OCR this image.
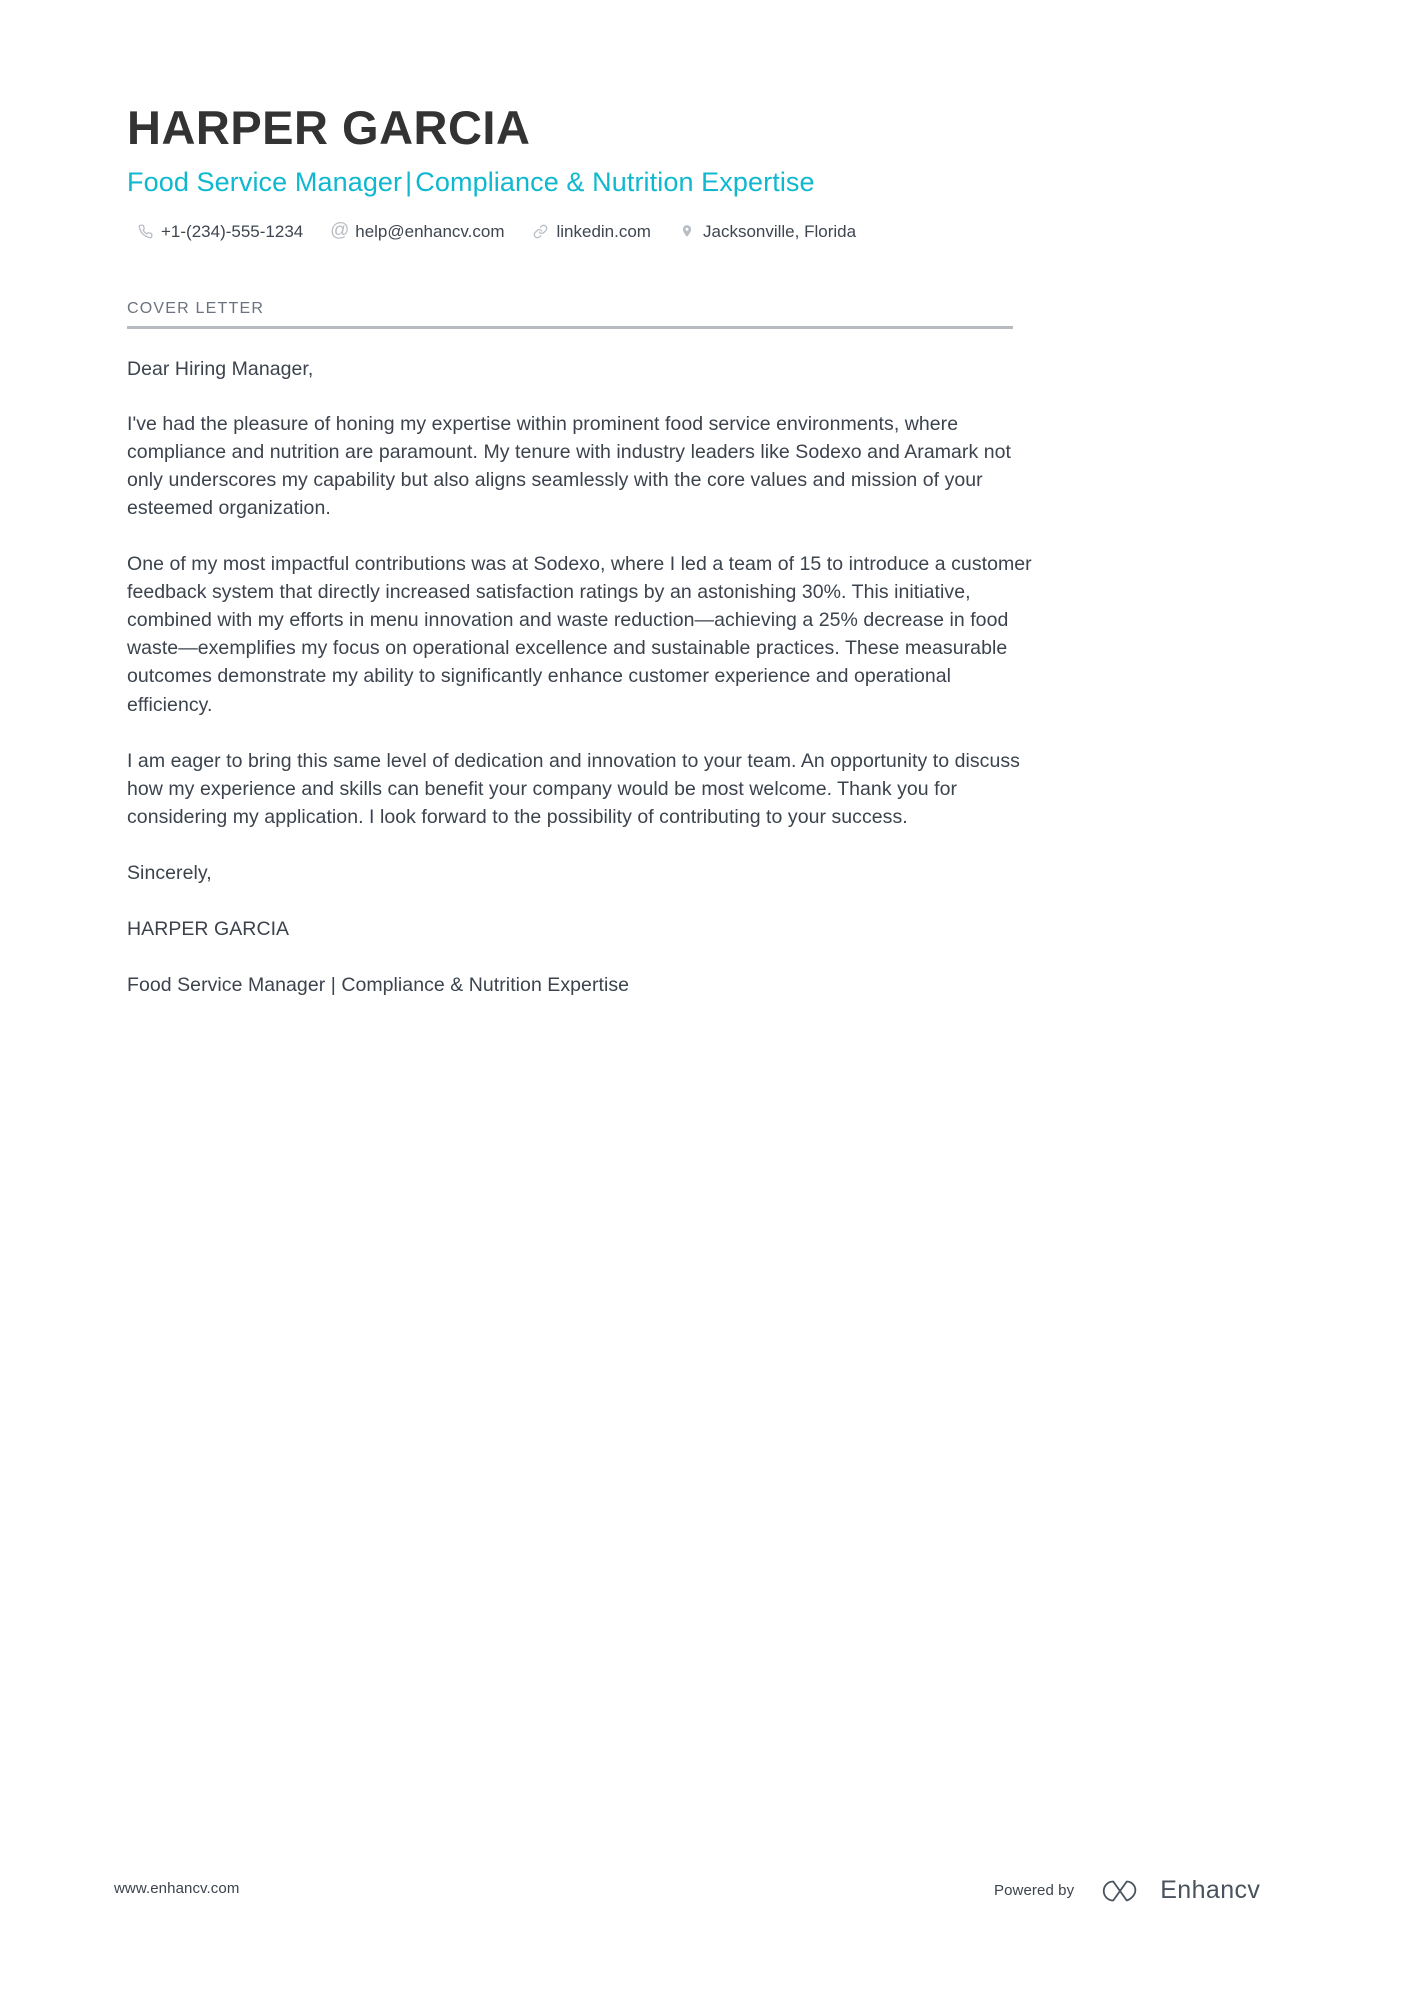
HARPER GARCIA
Food Service Manager | Compliance & Nutrition Expertise
+1-(234)-555-1234 @ help@enhancv.com	linkedin.com	Jacksonville, Florida
COVER LETTER

Dear Hiring Manager,

I've had the pleasure of honing my expertise within prominent food service environments, where compliance and nutrition are paramount. My tenure with industry leaders like Sodexo and Aramark not only underscores my capability but also aligns seamlessly with the core values and mission of your esteemed organization.

One of my most impactful contributions was at Sodexo, where I led a team of 15 to introduce a customer feedback system that directly increased satisfaction ratings by an astonishing 30%. This initiative, combined with my efforts in menu innovation and waste reduction—achieving a 25% decrease in food waste—exemplifies my focus on operational excellence and sustainable practices. These measurable outcomes demonstrate my ability to significantly enhance customer experience and operational efficiency.

I am eager to bring this same level of dedication and innovation to your team. An opportunity to discuss how my experience and skills can benefit your company would be most welcome. Thank you for considering my application. I look forward to the possibility of contributing to your success.

Sincerely,

HARPER GARCIA

Food Service Manager | Compliance & Nutrition Expertise

www.enhancv.com	Powered by	Enhancv
